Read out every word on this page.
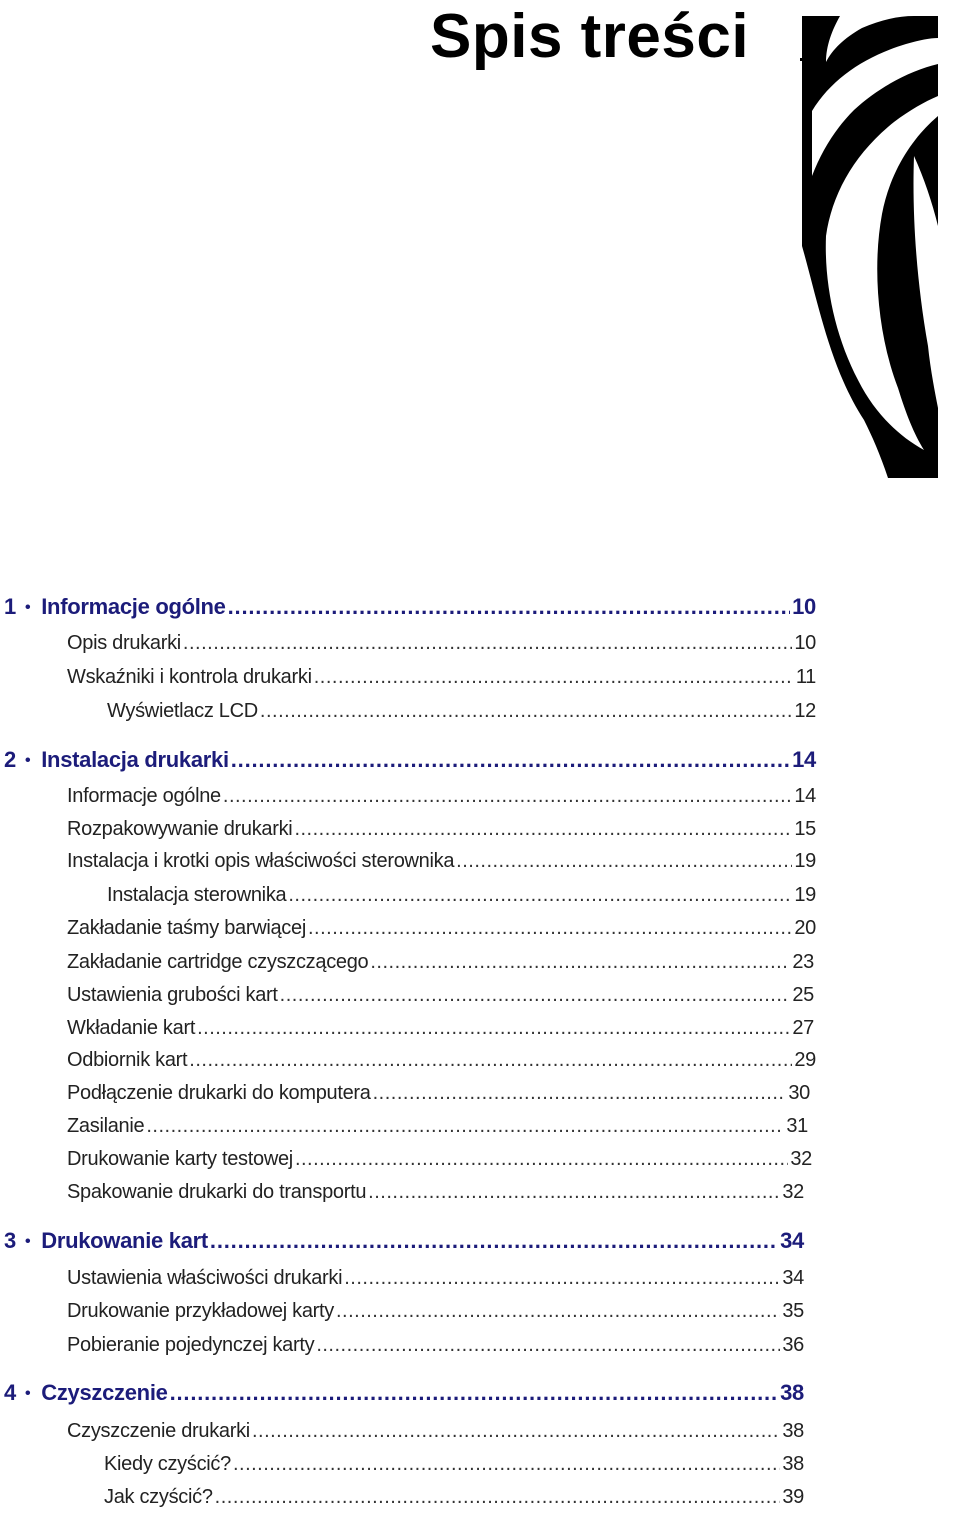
Spis treści
1 • Informacje ogólne .....	10
Opis drukarki .....	10
Wskaźniki i kontrola drukarki .....	11
Wyświetlacz LCD .....	12
2 • Instalacja drukarki .....	14
Informacje ogólne .....	14
Rozpakowywanie drukarki .....	15
Instalacja i krotki opis właściwości sterownika .....	19
Instalacja sterownika .....	19
Zakładanie taśmy barwiącej .....	20
Zakładanie cartridge czyszczącego .....	23
Ustawienia grubości kart .....	25
Wkładanie kart .....	27
Odbiornik kart .....	29
Podłączenie drukarki do komputera .....	30
Zasilanie .....	31
Drukowanie karty testowej .....	32
Spakowanie drukarki do transportu .....	32
3 • Drukowanie kart .....	34
Ustawienia właściwości drukarki .....	34
Drukowanie przykładowej karty .....	35
Pobieranie pojedynczej karty .....	36
4 • Czyszczenie .....	38
Czyszczenie drukarki .....	38
Kiedy czyścić? .....	38
Jak czyścić? .....	39
